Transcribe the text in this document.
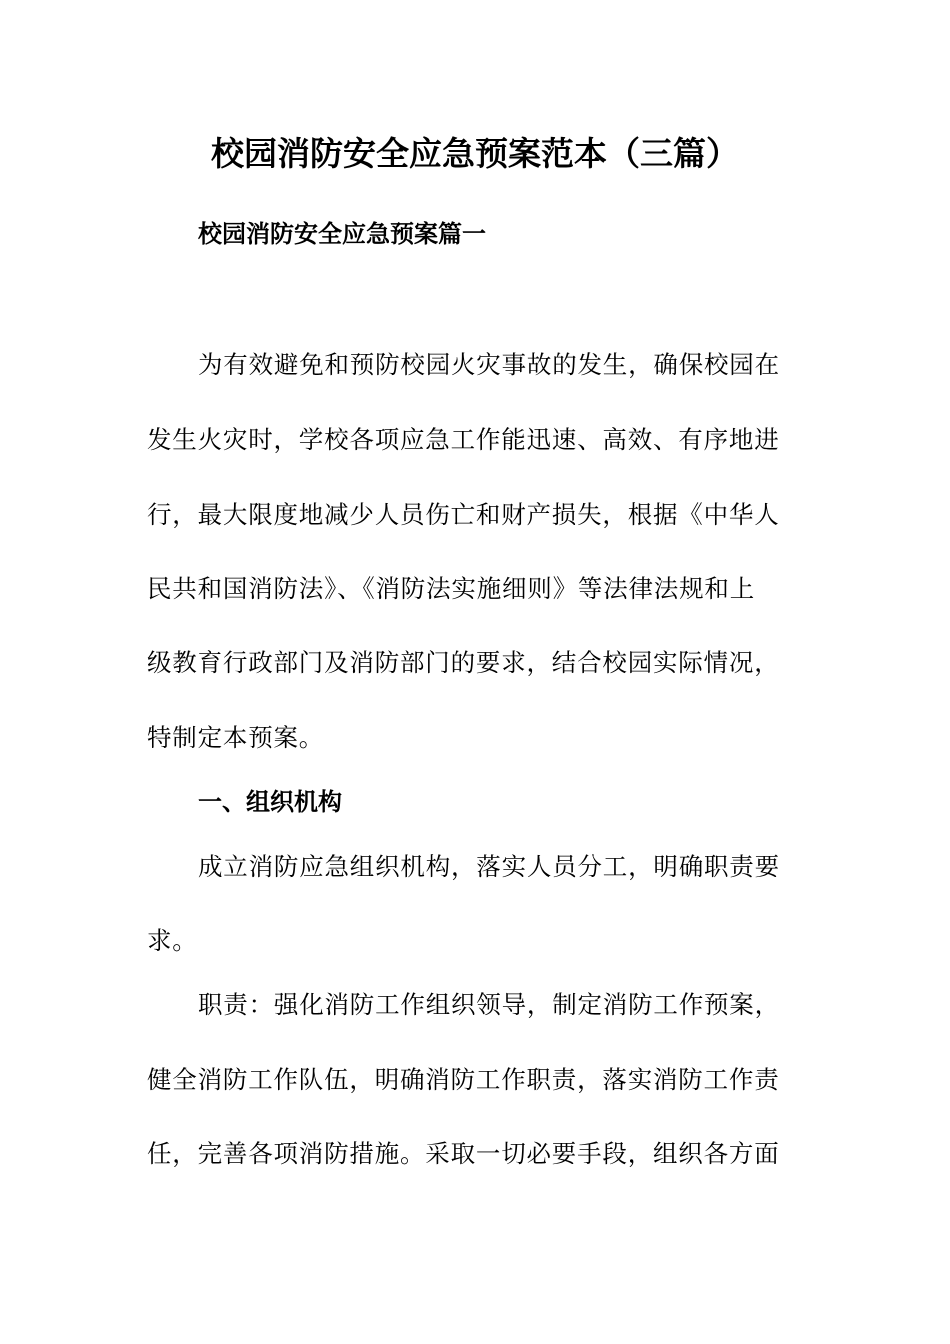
校园消防安全应急预案范本（三篇）
校园消防安全应急预案篇一
为有效避免和预防校园火灾事故的发生，确保校园在
发生火灾时，学校各项应急工作能迅速、高效、有序地进
行，最大限度地减少人员伤亡和财产损失，根据《中华人
民共和国消防法》、《消防法实施细则》等法律法规和上
级教育行政部门及消防部门的要求，结合校园实际情况，
特制定本预案。
一、组织机构
成立消防应急组织机构，落实人员分工，明确职责要
求。
职责：强化消防工作组织领导，制定消防工作预案，
健全消防工作队伍，明确消防工作职责，落实消防工作责
任，完善各项消防措施。采取一切必要手段，组织各方面
